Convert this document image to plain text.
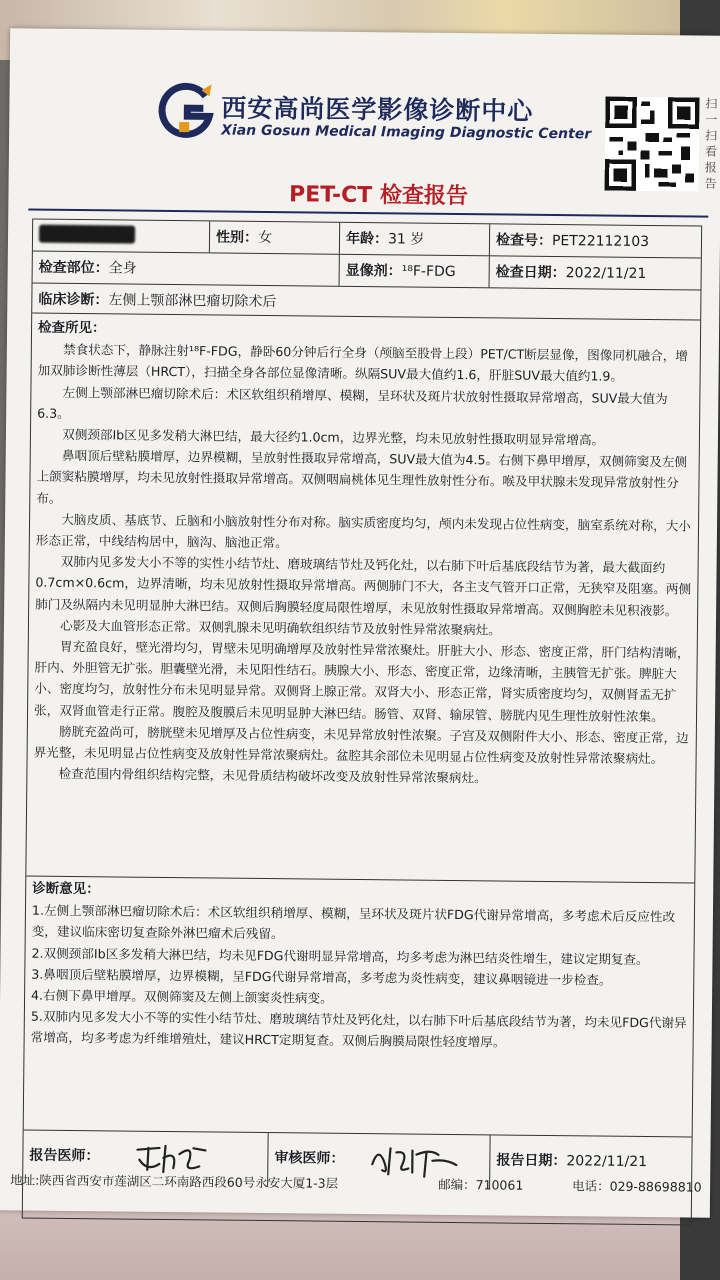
西安高尚医学影像诊断中心
Xian Gosun Medical Imaging Diagnostic Center
扫一扫看报告
PET-CT 检查报告
性别：女	年龄：31 岁	检查号：PET22112103
检查部位：全身	显像剂：¹⁸F-FDG	检查日期：2022/11/21
临床诊断：左侧上颚部淋巴瘤切除术后
检查所见：

禁食状态下，静脉注射¹⁸F-FDG，静卧60分钟后行全身（颅脑至股骨上段）PET/CT断层显像，图像同机融合，增加双肺诊断性薄层（HRCT），扫描全身各部位显像清晰。纵隔SUV最大值约1.6，肝脏SUV最大值约1.9。

左侧上颚部淋巴瘤切除术后：术区软组织稍增厚、模糊，呈环状及斑片状放射性摄取异常增高，SUV最大值为6.3。

双侧颈部Ⅰb区见多发稍大淋巴结，最大径约1.0cm，边界光整，均未见放射性摄取明显异常增高。

鼻咽顶后壁粘膜增厚，边界模糊，呈放射性摄取异常增高，SUV最大值为4.5。右侧下鼻甲增厚，双侧筛窦及左侧上颌窦粘膜增厚，均未见放射性摄取异常增高。双侧咽扁桃体见生理性放射性分布。喉及甲状腺未发现异常放射性分布。

大脑皮质、基底节、丘脑和小脑放射性分布对称。脑实质密度均匀，颅内未发现占位性病变，脑室系统对称，大小形态正常，中线结构居中，脑沟、脑池正常。

双肺内见多发大小不等的实性小结节灶、磨玻璃结节灶及钙化灶，以右肺下叶后基底段结节为著，最大截面约0.7cm×0.6cm，边界清晰，均未见放射性摄取异常增高。两侧肺门不大，各主支气管开口正常，无狭窄及阻塞。两侧肺门及纵隔内未见明显肿大淋巴结。双侧后胸膜轻度局限性增厚，未见放射性摄取异常增高。双侧胸腔未见积液影。

心影及大血管形态正常。双侧乳腺未见明确软组织结节及放射性异常浓聚病灶。

胃充盈良好，壁光滑均匀，胃壁未见明确增厚及放射性异常浓聚灶。肝脏大小、形态、密度正常，肝门结构清晰，肝内、外胆管无扩张。胆囊壁光滑，未见阳性结石。胰腺大小、形态、密度正常，边缘清晰，主胰管无扩张。脾脏大小、密度均匀，放射性分布未见明显异常。双侧肾上腺正常。双肾大小、形态正常，肾实质密度均匀，双侧肾盂无扩张，双肾血管走行正常。腹腔及腹膜后未见明显肿大淋巴结。肠管、双肾、输尿管、膀胱内见生理性放射性浓集。

膀胱充盈尚可，膀胱壁未见增厚及占位性病变，未见异常放射性浓聚。子宫及双侧附件大小、形态、密度正常，边界光整，未见明显占位性病变及放射性异常浓聚病灶。盆腔其余部位未见明显占位性病变及放射性异常浓聚病灶。

检查范围内骨组织结构完整，未见骨质结构破坏改变及放射性异常浓聚病灶。

诊断意见：

1.左侧上颚部淋巴瘤切除术后：术区软组织稍增厚、模糊，呈环状及斑片状FDG代谢异常增高，多考虑术后反应性改变，建议临床密切复查除外淋巴瘤术后残留。

2.双侧颈部Ⅰb区多发稍大淋巴结，均未见FDG代谢明显异常增高，均多考虑为淋巴结炎性增生，建议定期复查。

3.鼻咽顶后壁粘膜增厚，边界模糊，呈FDG代谢异常增高，多考虑为炎性病变，建议鼻咽镜进一步检查。

4.右侧下鼻甲增厚。双侧筛窦及左侧上颌窦炎性病变。

5.双肺内见多发大小不等的实性小结节灶、磨玻璃结节灶及钙化灶，以右肺下叶后基底段结节为著，均未见FDG代谢异常增高，均多考虑为纤维增殖灶，建议HRCT定期复查。双侧后胸膜局限性轻度增厚。

报告医师：	审核医师：	报告日期：2022/11/21
地址:陕西省西安市莲湖区二环南路西段60号永安大厦1-3层	邮编：710061	电话：029-88698810
